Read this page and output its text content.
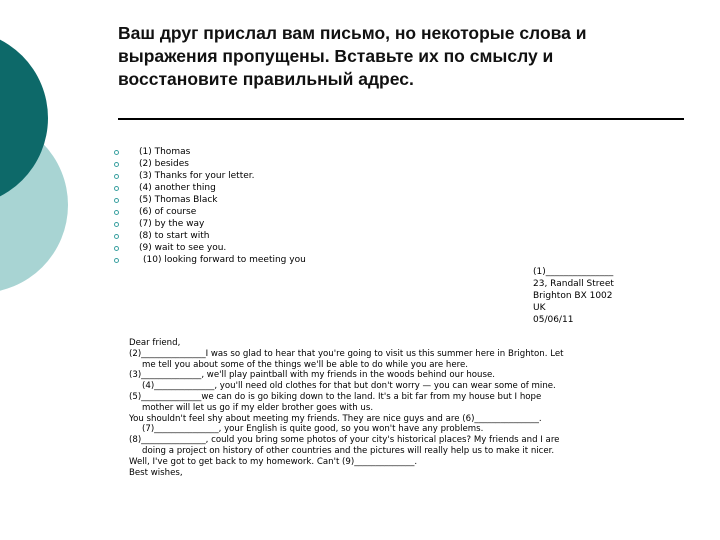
Ваш друг прислал вам письмо, но некоторые слова и
выражения пропущены. Вставьте их по смыслу и
восстановите правильный адрес.
(1) Thomas
(2) besides
(3) Thanks for your letter.
(4) another thing
(5) Thomas Black
(6) of course
(7) by the way
(8) to start with
(9) wait to see you.
(10) looking forward to meeting you
(1)_______________
23, Randall Street
Brighton BX 1002
UK
05/06/11

Dear friend,

(2)_______________I was so glad to hear that you're going to visit us this summer here in Brighton. Let

me tell you about some of the things we'll be able to do while you are here.

(3)______________, we'll play paintball with my friends in the woods behind our house.

(4)______________, you'll need old clothes for that but don't worry — you can wear some of mine.

(5)______________we can do is go biking down to the land. It's a bit far from my house but I hope

mother will let us go if my elder brother goes with us.

You shouldn't feel shy about meeting my friends. They are nice guys and are (6)_______________.

(7)_______________, your English is quite good, so you won't have any problems.

(8)_______________, could you bring some photos of your city's historical places? My friends and I are

doing a project on history of other countries and the pictures will really help us to make it nicer.

Well, I've got to get back to my homework. Can't (9)______________.

Best wishes,
